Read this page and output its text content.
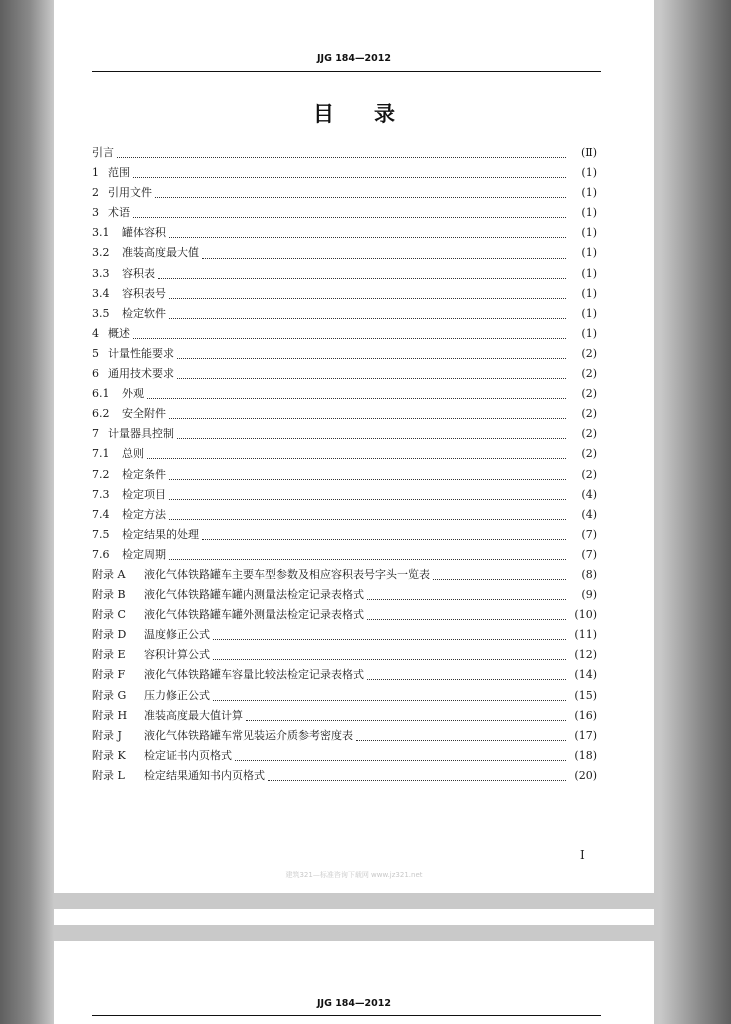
JJG 184—2012
目 录
引言	(Ⅱ)
1 范围	(1)
2 引用文件	(1)
3 术语	(1)
3.1	罐体容积	(1)
3.2	准装高度最大值	(1)
3.3	容积表	(1)
3.4	容积表号	(1)
3.5	检定软件	(1)
4 概述	(1)
5 计量性能要求	(2)
6 通用技术要求	(2)
6.1	外观	(2)
6.2	安全附件	(2)
7 计量器具控制	(2)
7.1	总则	(2)
7.2	检定条件	(2)
7.3	检定项目	(4)
7.4	检定方法	(4)
7.5	检定结果的处理	(7)
7.6	检定周期	(7)
附录 A	液化气体铁路罐车主要车型参数及相应容积表号字头一览表	(8)
附录 B	液化气体铁路罐车罐内测量法检定记录表格式	(9)
附录 C	液化气体铁路罐车罐外测量法检定记录表格式	(10)
附录 D	温度修正公式	(11)
附录 E	容积计算公式	(12)
附录 F	液化气体铁路罐车容量比较法检定记录表格式	(14)
附录 G	压力修正公式	(15)
附录 H	准装高度最大值计算	(16)
附录 J	液化气体铁路罐车常见装运介质参考密度表	(17)
附录 K	检定证书内页格式	(18)
附录 L	检定结果通知书内页格式	(20)
I
建筑321—标准咨询下载网 www.jz321.net
JJG 184—2012
